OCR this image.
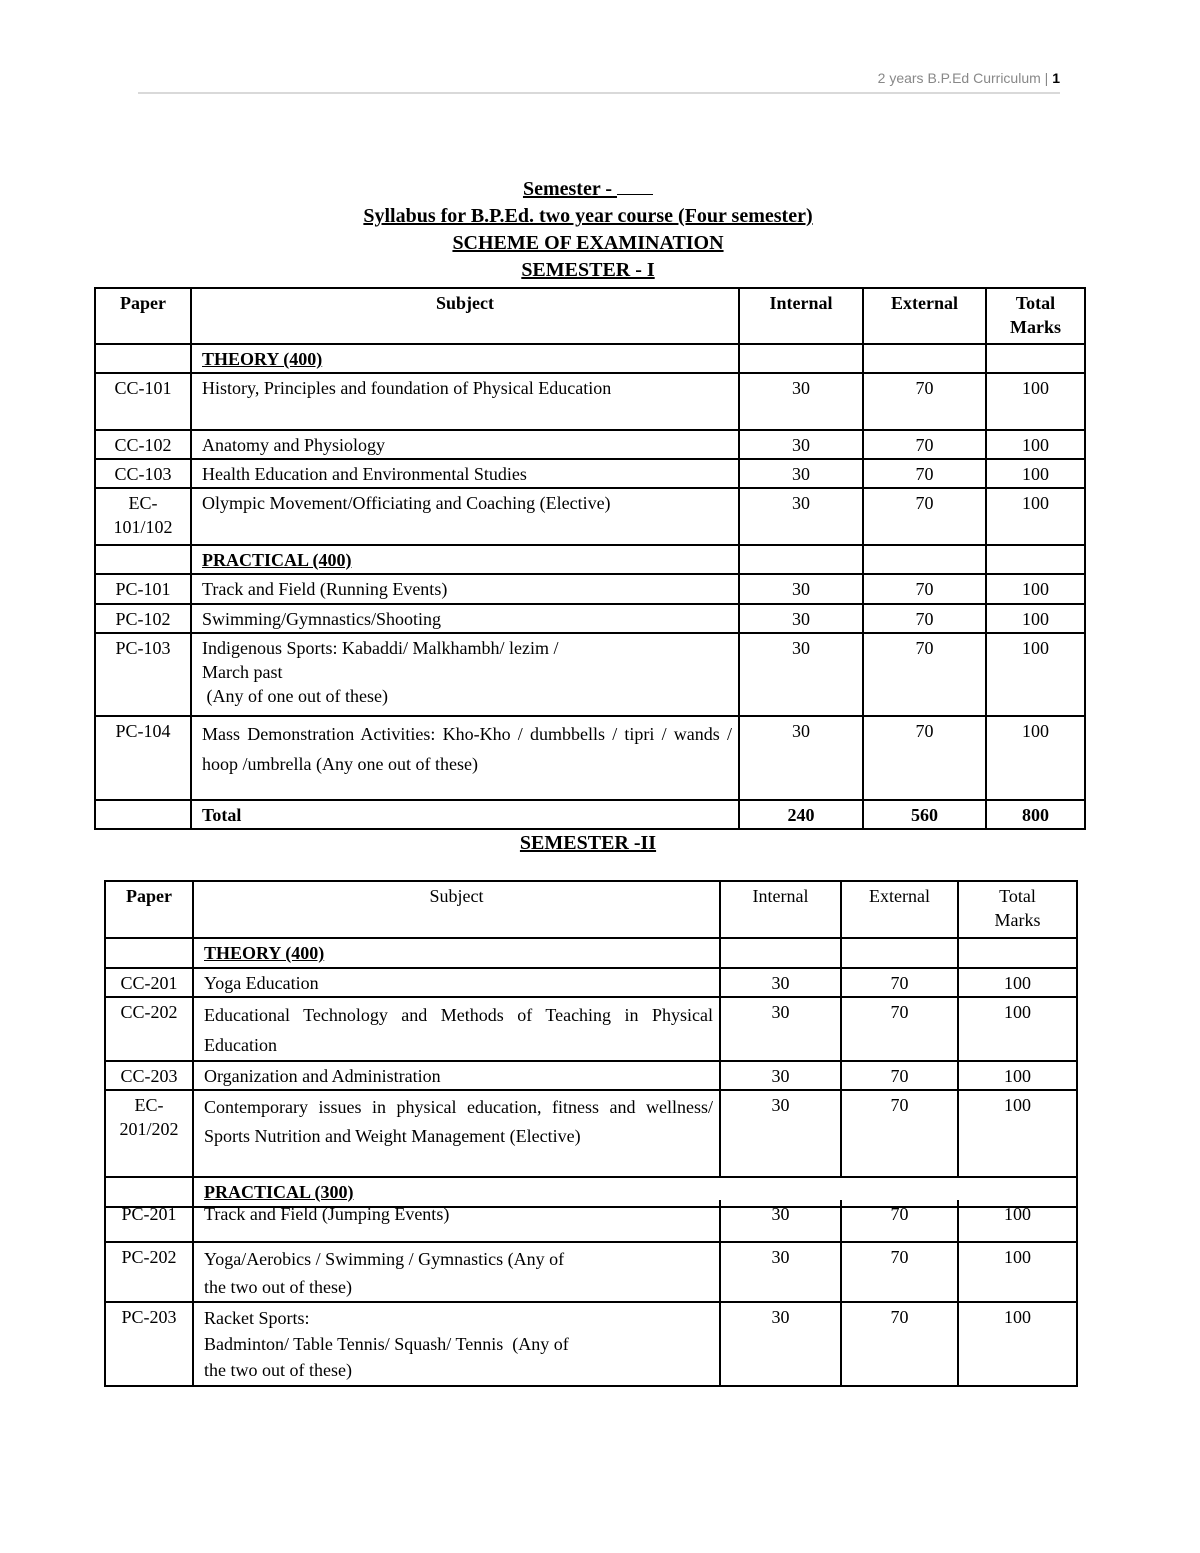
2 years B.P.Ed Curriculum | 1
Semester -
Syllabus for B.P.Ed. two year course (Four semester)
SCHEME OF EXAMINATION
SEMESTER - I
Paper	Subject	Internal	External	Total
Marks
	THEORY (400)			
CC-101	History, Principles and foundation of Physical Education	30	70	100
CC-102	Anatomy and Physiology	30	70	100
CC-103	Health Education and Environmental Studies	30	70	100
EC-
101/102	Olympic Movement/Officiating and Coaching (Elective)	30	70	100
	PRACTICAL (400)			
PC-101	Track and Field (Running Events)	30	70	100
PC-102	Swimming/Gymnastics/Shooting	30	70	100
PC-103	Indigenous Sports: Kabaddi/ Malkhambh/ lezim /
March past
(Any of one out of these)	30	70	100
PC-104	Mass Demonstration Activities: Kho-Kho / dumbbells / tipri / wands / hoop /umbrella (Any one out of these)	30	70	100
	Total	240	560	800
SEMESTER -II
Paper	Subject	Internal	External	Total
Marks
	THEORY (400)			
CC-201	Yoga Education	30	70	100
CC-202	Educational Technology and Methods of Teaching in Physical Education	30	70	100
CC-203	Organization and Administration	30	70	100
EC-
201/202	Contemporary issues in physical education, fitness and wellness/ Sports Nutrition and Weight Management (Elective)	30	70	100
	PRACTICAL (300)			
PC-201	Track and Field (Jumping Events)	30	70	100
PC-202	Yoga/Aerobics / Swimming / Gymnastics (Any of
the two out of these)	30	70	100
PC-203	Racket Sports:
Badminton/ Table Tennis/ Squash/ Tennis  (Any of
the two out of these)	30	70	100
